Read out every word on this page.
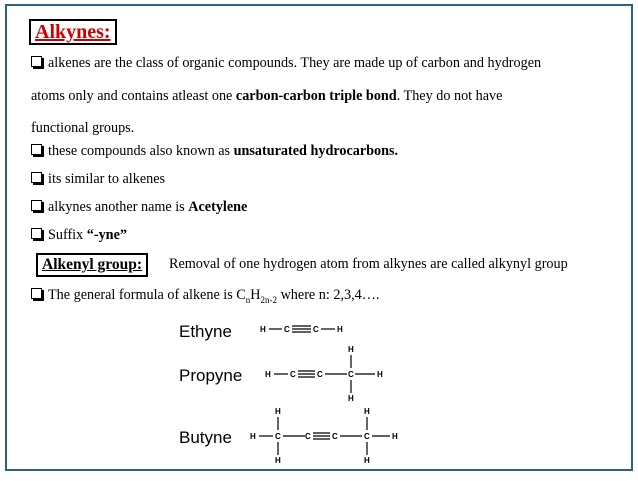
Alkynes:
alkenes are the class of organic compounds. They are made up of carbon and hydrogen
atoms only and contains atleast one carbon-carbon triple bond. They do not have
functional groups.
these compounds also known as unsaturated hydrocarbons.
its similar to alkenes
alkynes another name is Acetylene
Suffix “-yne”
Alkenyl group:	Removal of one hydrogen atom from alkynes are called alkynyl group
The general formula of alkene is $C_nH_{2n-2}$ where n: 2,3,4….
Ethyne
Propyne
Butyne
H C	C H
H C	C	C	H
H
H
H C	C	C	C	H
H
H
H
H
